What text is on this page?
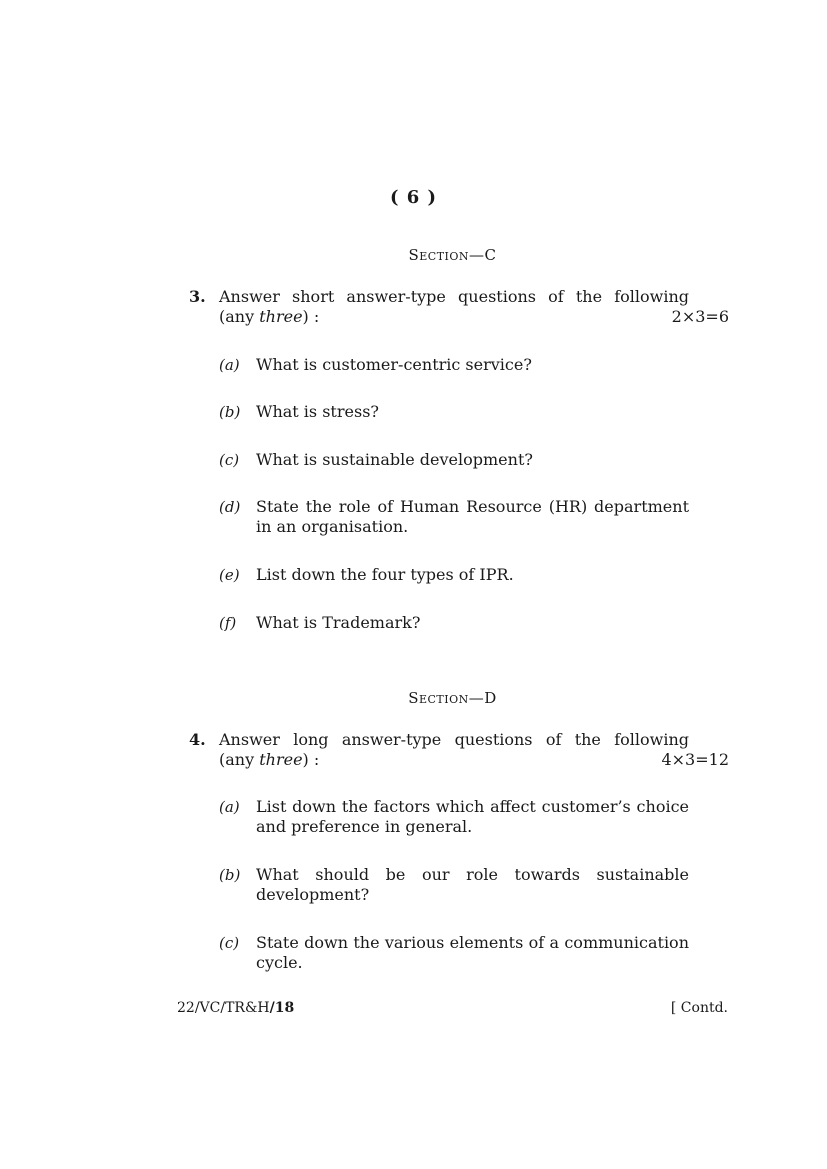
( 6 )
Section—C
3. Answer short answer-type questions of the following
(any three) :	2×3=6
(a) What is customer-centric service?
(b) What is stress?
(c) What is sustainable development?
(d) State the role of Human Resource (HR) department in an organisation.
(e) List down the four types of IPR.
(f) What is Trademark?
Section—D
4. Answer long answer-type questions of the following
(any three) :	4×3=12
(a) List down the factors which affect customer’s choice and preference in general.
(b) What should be our role towards sustainable development?
(c) State down the various elements of a communication cycle.
22/VC/TR&H/18	[ Contd.
